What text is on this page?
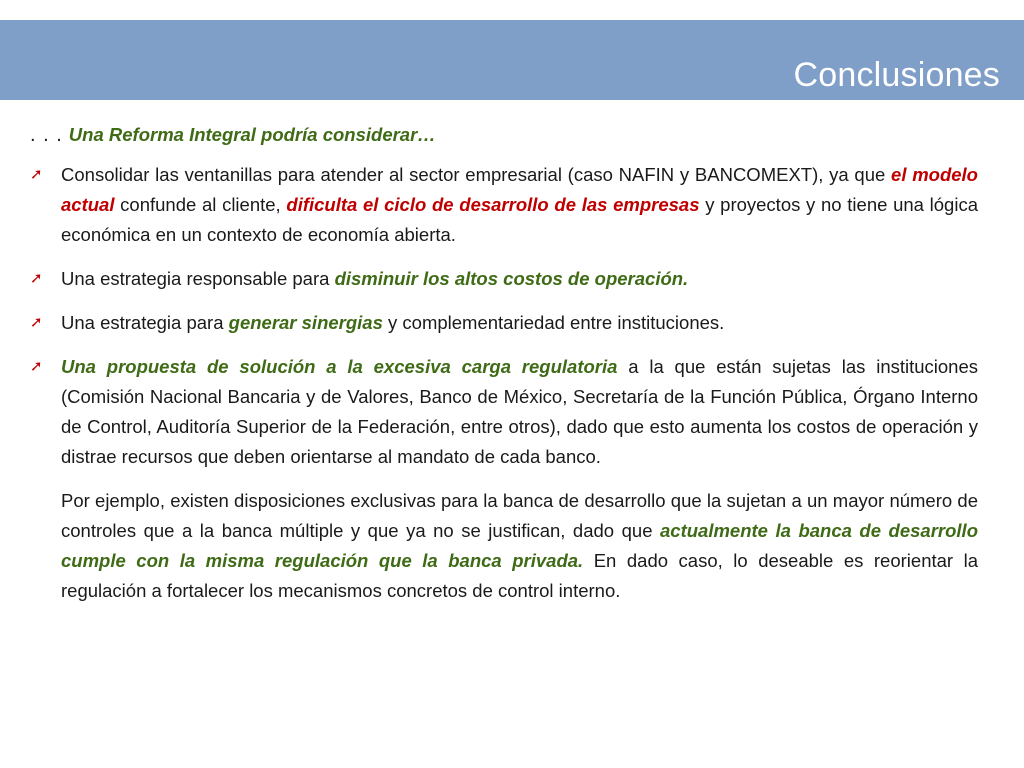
Conclusiones

. . . Una Reforma Integral podría considerar…

➚ Consolidar las ventanillas para atender al sector empresarial (caso NAFIN y BANCOMEXT), ya que el modelo actual confunde al cliente, dificulta el ciclo de desarrollo de las empresas y proyectos y no tiene una lógica económica en un contexto de economía abierta.
➚ Una estrategia responsable para disminuir los altos costos de operación.
➚ Una estrategia para generar sinergias y complementariedad entre instituciones.
➚ Una propuesta de solución a la excesiva carga regulatoria a la que están sujetas las instituciones (Comisión Nacional Bancaria y de Valores, Banco de México, Secretaría de la Función Pública, Órgano Interno de Control, Auditoría Superior de la Federación, entre otros), dado que esto aumenta los costos de operación y distrae recursos que deben orientarse al mandato de cada banco.
Por ejemplo, existen disposiciones exclusivas para la banca de desarrollo que la sujetan a un mayor número de controles que a la banca múltiple y que ya no se justifican, dado que actualmente la banca de desarrollo cumple con la misma regulación que la banca privada. En dado caso, lo deseable es reorientar la regulación a fortalecer los mecanismos concretos de control interno.
